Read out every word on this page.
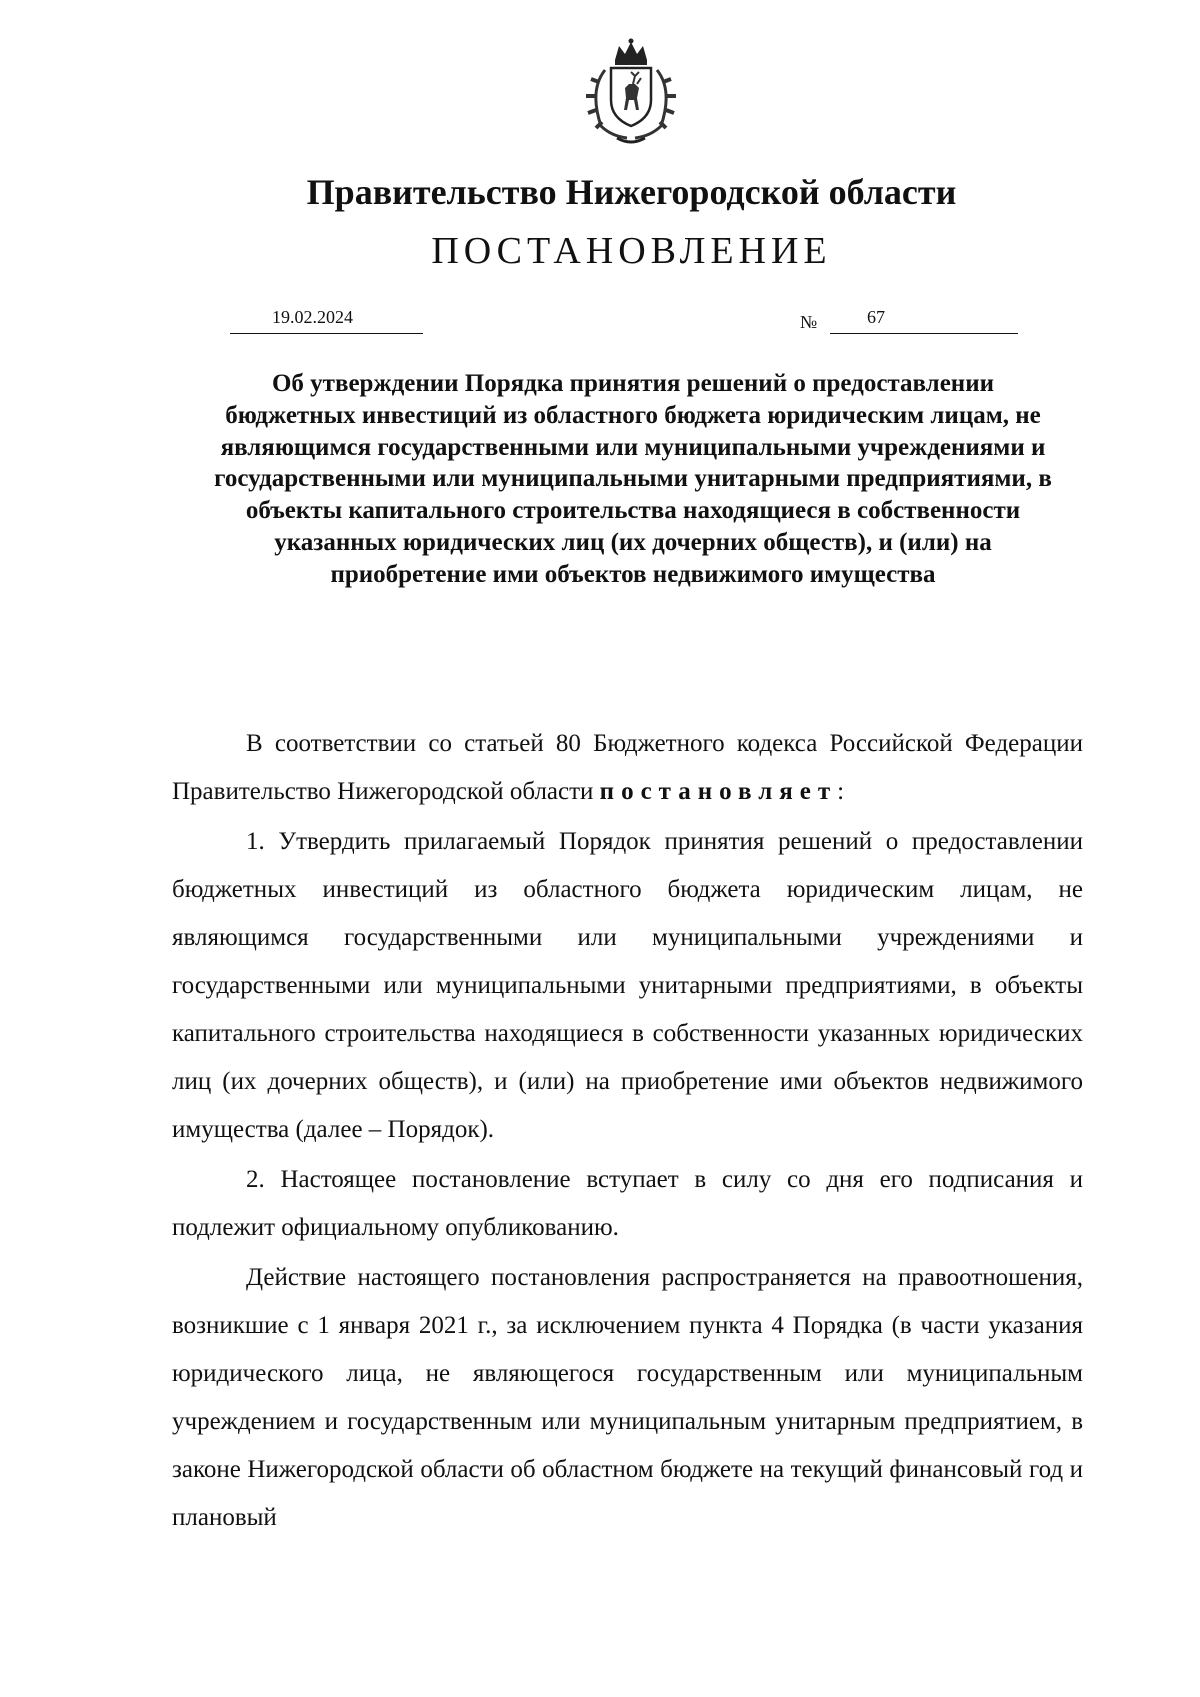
Правительство Нижегородской области
ПОСТАНОВЛЕНИЕ
19.02.2024	№	67
Об утверждении Порядка принятия решений о предоставлении бюджетных инвестиций из областного бюджета юридическим лицам, не являющимся государственными или муниципальными учреждениями и государственными или муниципальными унитарными предприятиями, в объекты капитального строительства находящиеся в собственности указанных юридических лиц (их дочерних обществ), и (или) на приобретение ими объектов недвижимого имущества

В соответствии со статьей 80 Бюджетного кодекса Российской Федерации Правительство Нижегородской области постановляет:

1. Утвердить прилагаемый Порядок принятия решений о предоставлении бюджетных инвестиций из областного бюджета юридическим лицам, не являющимся государственными или муниципальными учреждениями и государственными или муниципальными унитарными предприятиями, в объекты капитального строительства находящиеся в собственности указанных юридических лиц (их дочерних обществ), и (или) на приобретение ими объектов недвижимого имущества (далее – Порядок).

2. Настоящее постановление вступает в силу со дня его подписания и подлежит официальному опубликованию.

Действие настоящего постановления распространяется на правоотношения, возникшие с 1 января 2021 г., за исключением пункта 4 Порядка (в части указания юридического лица, не являющегося государственным или муниципальным учреждением и государственным или муниципальным унитарным предприятием, в законе Нижегородской области об областном бюджете на текущий финансовый год и плановый
